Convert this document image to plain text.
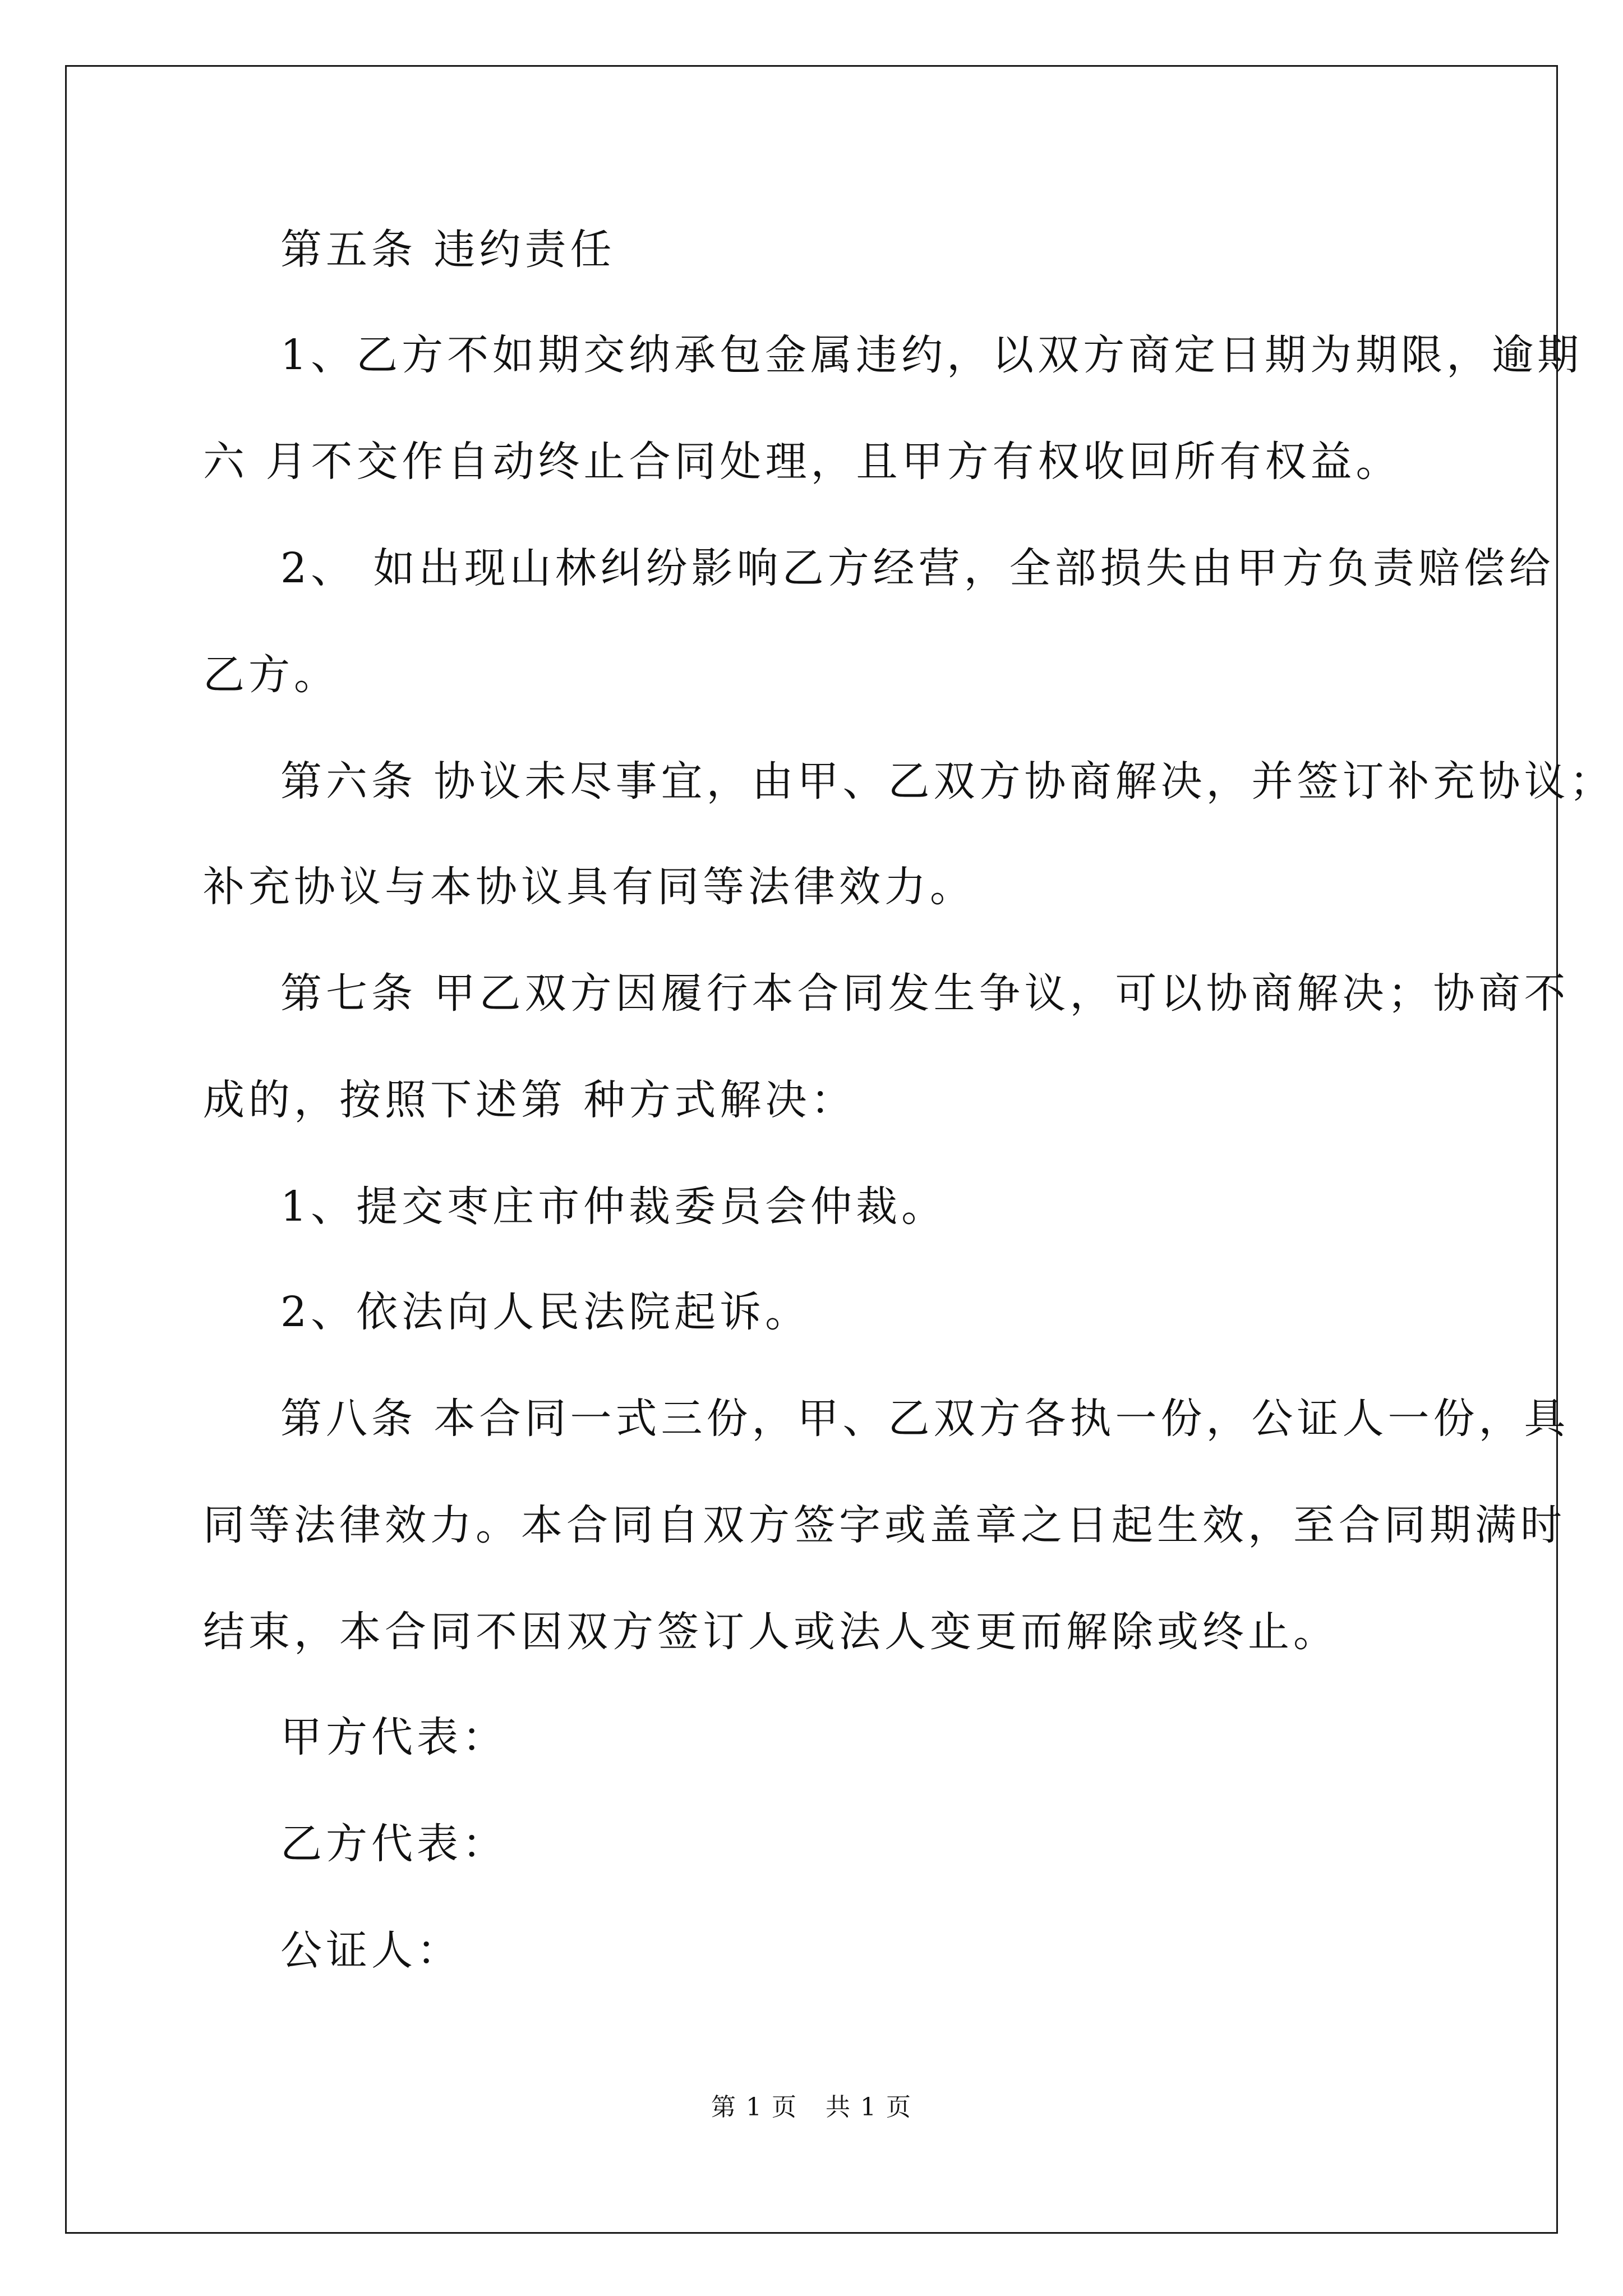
第五条 违约责任

1、乙方不如期交纳承包金属违约，以双方商定日期为期限，逾期

六 月不交作自动终止合同处理，且甲方有权收回所有权益。

2、 如出现山林纠纷影响乙方经营，全部损失由甲方负责赔偿给

乙方。

第六条 协议未尽事宜，由甲、乙双方协商解决，并签订补充协议；

补充协议与本协议具有同等法律效力。

第七条 甲乙双方因履行本合同发生争议，可以协商解决；协商不

成的，按照下述第 种方式解决：

1、提交枣庄市仲裁委员会仲裁。

2、依法向人民法院起诉。

第八条 本合同一式三份，甲、乙双方各执一份，公证人一份，具

同等法律效力。本合同自双方签字或盖章之日起生效，至合同期满时

结束，本合同不因双方签订人或法人变更而解除或终止。

甲方代表：

乙方代表：

公证人：

第 1 页 共 1 页
